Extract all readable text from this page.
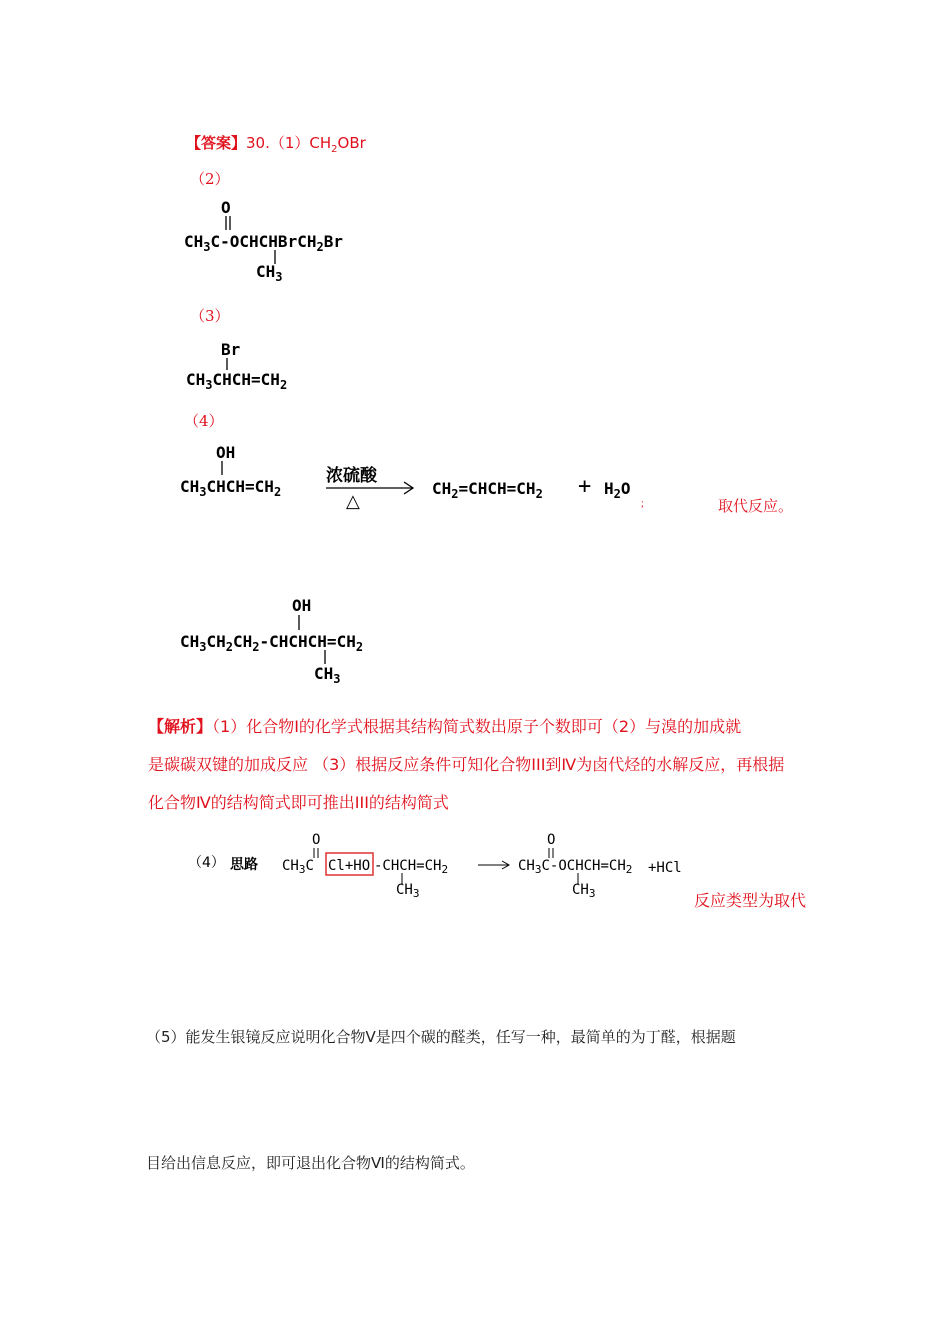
【答案】$30.(1)CH_2OBr$
（2）
O
$CH_3C-OCHCHBrCH_2Br$
$CH_3$
（3）
Br
$CH_3CHCH=CH_2$
（4）
OH
$CH_3CHCH=CH_2$
浓硫酸
△
$CH_2=CHCH=CH_2 + H_2O$
；	取代反应。
OH
$CH_3CH_2CH_2-CHCHCH=CH_2$
$CH_3$
【解析】（1）化合物Ⅰ的化学式根据其结构简式数出原子个数即可（2）与溴的加成就
是碳碳双键的加成反应 （3）根据反应条件可知化合物III到Ⅳ为卤代烃的水解反应，再根据
化合物Ⅳ的结构简式即可推出III的结构简式
（4） 思路
O
$CH_3C$ Cl+HO $-CHCH=CH_2$
$CH_3$
O
$CH_3C-OCHCH=CH_2$
$CH_3$
+HCl
反应类型为取代
（5）能发生银镜反应说明化合物Ⅴ是四个碳的醛类，任写一种，最简单的为丁醛，根据题
目给出信息反应，即可退出化合物Ⅵ的结构简式。
